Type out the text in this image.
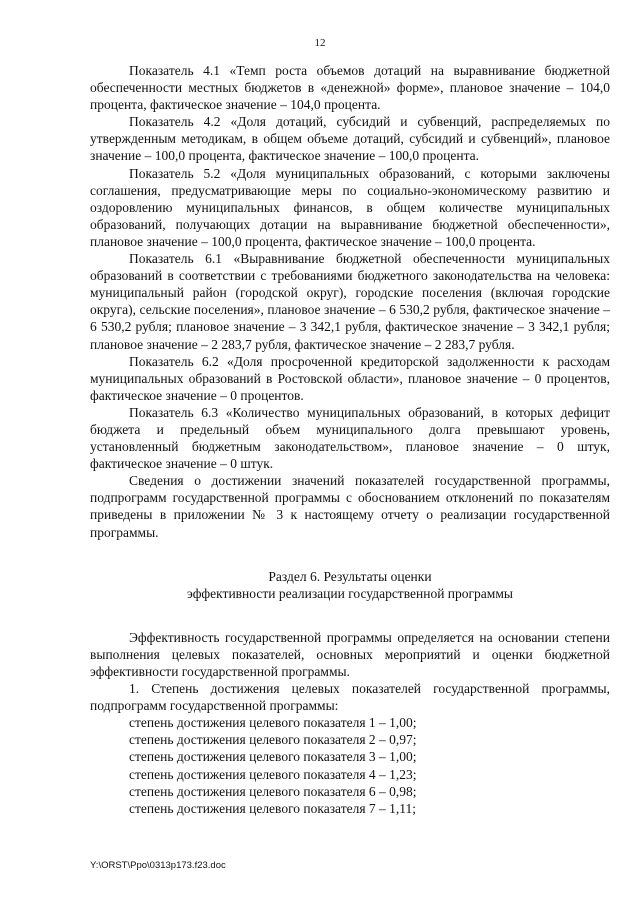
12

Показатель 4.1 «Темп роста объемов дотаций на выравнивание бюджетной обеспеченности местных бюджетов в «денежной» форме», плановое значение – 104,0 процента, фактическое значение – 104,0 процента.

Показатель 4.2 «Доля дотаций, субсидий и субвенций, распределяемых по утвержденным методикам, в общем объеме дотаций, субсидий и субвенций», плановое значение – 100,0 процента, фактическое значение – 100,0 процента.

Показатель 5.2 «Доля муниципальных образований, с которыми заключены соглашения, предусматривающие меры по социально-экономическому развитию и оздоровлению муниципальных финансов, в общем количестве муниципальных образований, получающих дотации на выравнивание бюджетной обеспеченности», плановое значение – 100,0 процента, фактическое значение – 100,0 процента.

Показатель 6.1 «Выравнивание бюджетной обеспеченности муниципальных образований в соответствии с требованиями бюджетного законодательства на человека: муниципальный район (городской округ), городские поселения (включая городские округа), сельские поселения», плановое значение – 6 530,2 рубля, фактическое значение – 6 530,2 рубля; плановое значение – 3 342,1 рубля, фактическое значение – 3 342,1 рубля; плановое значение – 2 283,7 рубля, фактическое значение – 2 283,7 рубля.

Показатель 6.2 «Доля просроченной кредиторской задолженности к расходам муниципальных образований в Ростовской области», плановое значение – 0 процентов, фактическое значение – 0 процентов.

Показатель 6.3 «Количество муниципальных образований, в которых дефицит бюджета и предельный объем муниципального долга превышают уровень, установленный бюджетным законодательством», плановое значение – 0 штук, фактическое значение – 0 штук.

Сведения о достижении значений показателей государственной программы, подпрограмм государственной программы с обоснованием отклонений по показателям приведены в приложении № 3 к настоящему отчету о реализации государственной программы.

Раздел 6. Результаты оценки
эффективности реализации государственной программы

Эффективность государственной программы определяется на основании степени выполнения целевых показателей, основных мероприятий и оценки бюджетной эффективности государственной программы.

1. Степень достижения целевых показателей государственной программы, подпрограмм государственной программы:

степень достижения целевого показателя 1 – 1,00;
степень достижения целевого показателя 2 – 0,97;
степень достижения целевого показателя 3 – 1,00;
степень достижения целевого показателя 4 – 1,23;
степень достижения целевого показателя 6 – 0,98;
степень достижения целевого показателя 7 – 1,11;
Y:\ORST\Ppo\0313p173.f23.doc
